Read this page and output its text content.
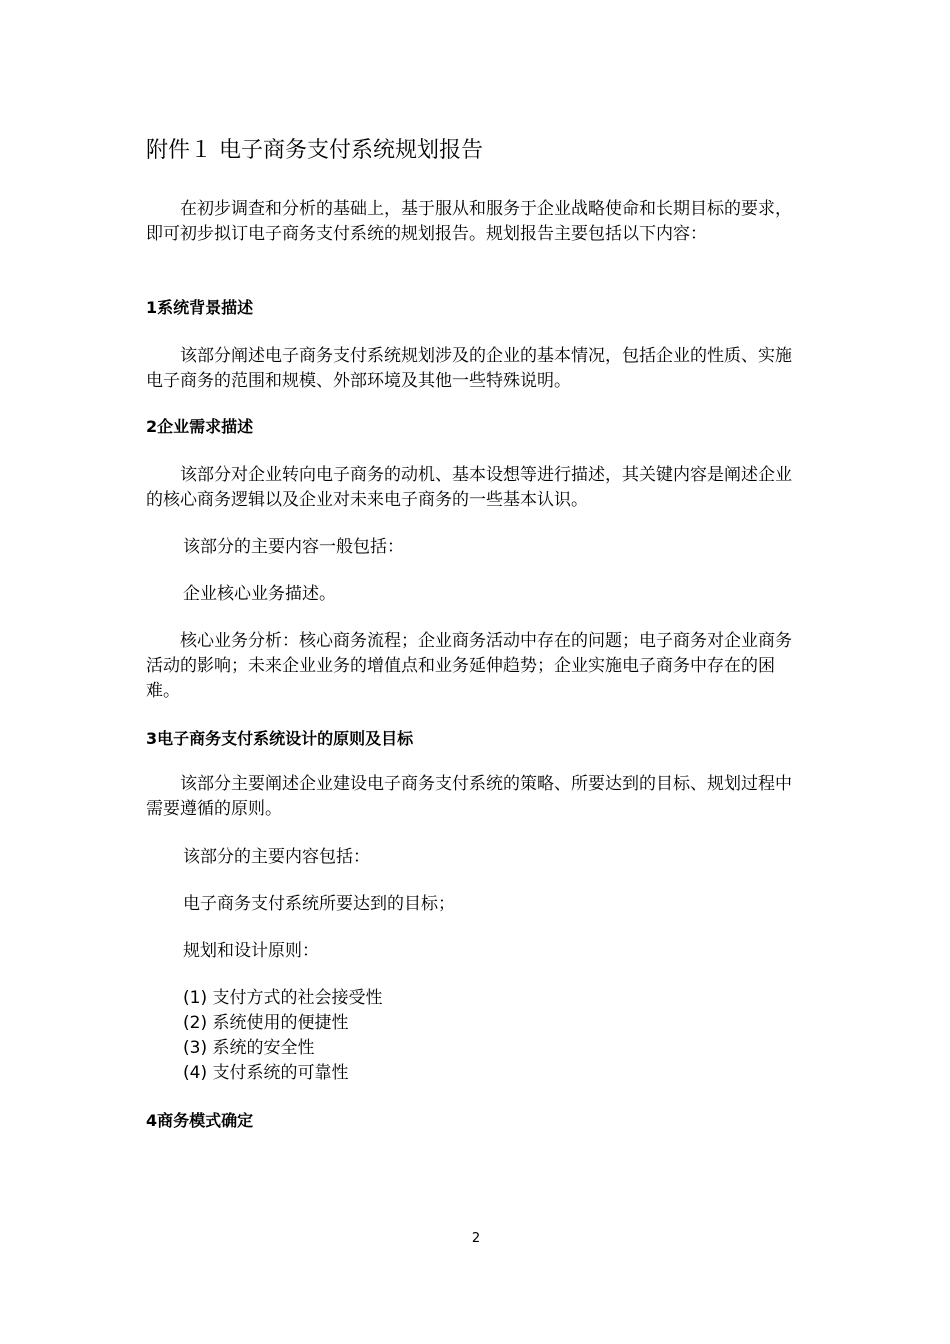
附件１ 电子商务支付系统规划报告

在初步调查和分析的基础上，基于服从和服务于企业战略使命和长期目标的要求，即可初步拟订电子商务支付系统的规划报告。规划报告主要包括以下内容：

1系统背景描述

该部分阐述电子商务支付系统规划涉及的企业的基本情况，包括企业的性质、实施电子商务的范围和规模、外部环境及其他一些特殊说明。

2企业需求描述

该部分对企业转向电子商务的动机、基本设想等进行描述，其关键内容是阐述企业的核心商务逻辑以及企业对未来电子商务的一些基本认识。

该部分的主要内容一般包括：
企业核心业务描述。

核心业务分析：核心商务流程；企业商务活动中存在的问题；电子商务对企业商务活动的影响；未来企业业务的增值点和业务延伸趋势；企业实施电子商务中存在的困难。

3电子商务支付系统设计的原则及目标

该部分主要阐述企业建设电子商务支付系统的策略、所要达到的目标、规划过程中需要遵循的原则。

该部分的主要内容包括：
电子商务支付系统所要达到的目标；
规划和设计原则：
(1) 支付方式的社会接受性
(2) 系统使用的便捷性
(3) 系统的安全性
(4) 支付系统的可靠性
4商务模式确定
2
